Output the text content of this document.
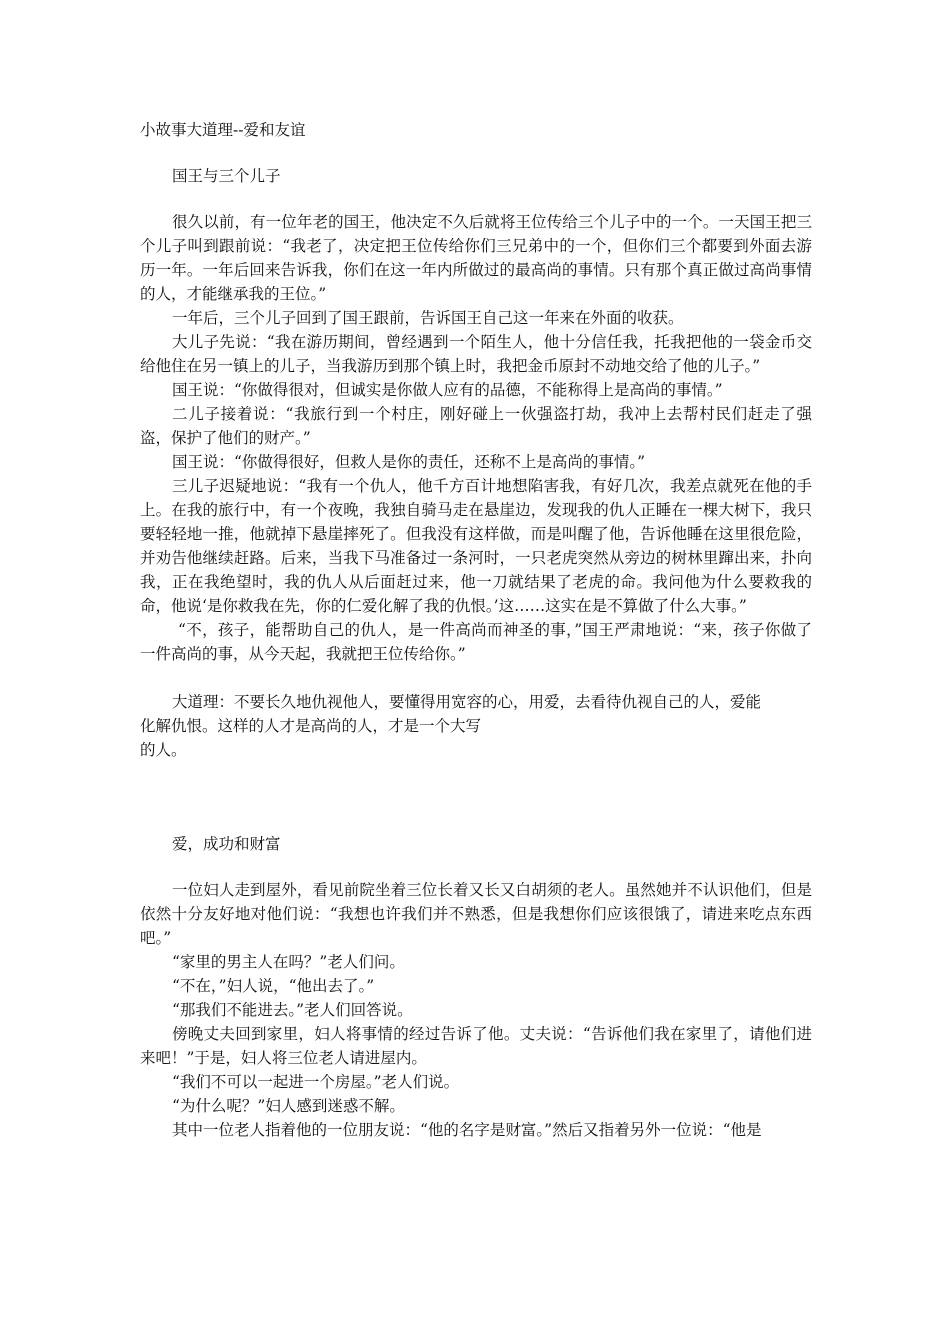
小故事大道理--爱和友谊

国王与三个儿子

很久以前，有一位年老的国王，他决定不久后就将王位传给三个儿子中的一个。一天国王把三个儿子叫到跟前说：“我老了，决定把王位传给你们三兄弟中的一个，但你们三个都要到外面去游历一年。一年后回来告诉我，你们在这一年内所做过的最高尚的事情。只有那个真正做过高尚事情的人，才能继承我的王位。”

一年后，三个儿子回到了国王跟前，告诉国王自己这一年来在外面的收获。

大儿子先说：“我在游历期间，曾经遇到一个陌生人，他十分信任我，托我把他的一袋金币交给他住在另一镇上的儿子，当我游历到那个镇上时，我把金币原封不动地交给了他的儿子。”

国王说：“你做得很对，但诚实是你做人应有的品德，不能称得上是高尚的事情。”

二儿子接着说：“我旅行到一个村庄，刚好碰上一伙强盗打劫，我冲上去帮村民们赶走了强盗，保护了他们的财产。”

国王说：“你做得很好，但救人是你的责任，还称不上是高尚的事情。”

三儿子迟疑地说：“我有一个仇人，他千方百计地想陷害我，有好几次，我差点就死在他的手上。在我的旅行中，有一个夜晚，我独自骑马走在悬崖边，发现我的仇人正睡在一棵大树下，我只要轻轻地一推，他就掉下悬崖摔死了。但我没有这样做，而是叫醒了他，告诉他睡在这里很危险，并劝告他继续赶路。后来，当我下马准备过一条河时，一只老虎突然从旁边的树林里蹿出来，扑向我，正在我绝望时，我的仇人从后面赶过来，他一刀就结果了老虎的命。我问他为什么要救我的命，他说‘是你救我在先，你的仁爱化解了我的仇恨。’这……这实在是不算做了什么大事。”

“不，孩子，能帮助自己的仇人，是一件高尚而神圣的事，”国王严肃地说：“来，孩子你做了一件高尚的事，从今天起，我就把王位传给你。”

大道理：不要长久地仇视他人，要懂得用宽容的心，用爱，去看待仇视自己的人，爱能

化解仇恨。这样的人才是高尚的人，才是一个大写

的人。

爱，成功和财富

一位妇人走到屋外，看见前院坐着三位长着又长又白胡须的老人。虽然她并不认识他们，但是依然十分友好地对他们说：“我想也许我们并不熟悉，但是我想你们应该很饿了，请进来吃点东西吧。”

“家里的男主人在吗？”老人们问。

“不在，”妇人说，“他出去了。”

“那我们不能进去。”老人们回答说。

傍晚丈夫回到家里，妇人将事情的经过告诉了他。丈夫说：“告诉他们我在家里了，请他们进来吧！”于是，妇人将三位老人请进屋内。

“我们不可以一起进一个房屋。”老人们说。

“为什么呢？”妇人感到迷惑不解。

其中一位老人指着他的一位朋友说：“他的名字是财富。”然后又指着另外一位说：“他是
